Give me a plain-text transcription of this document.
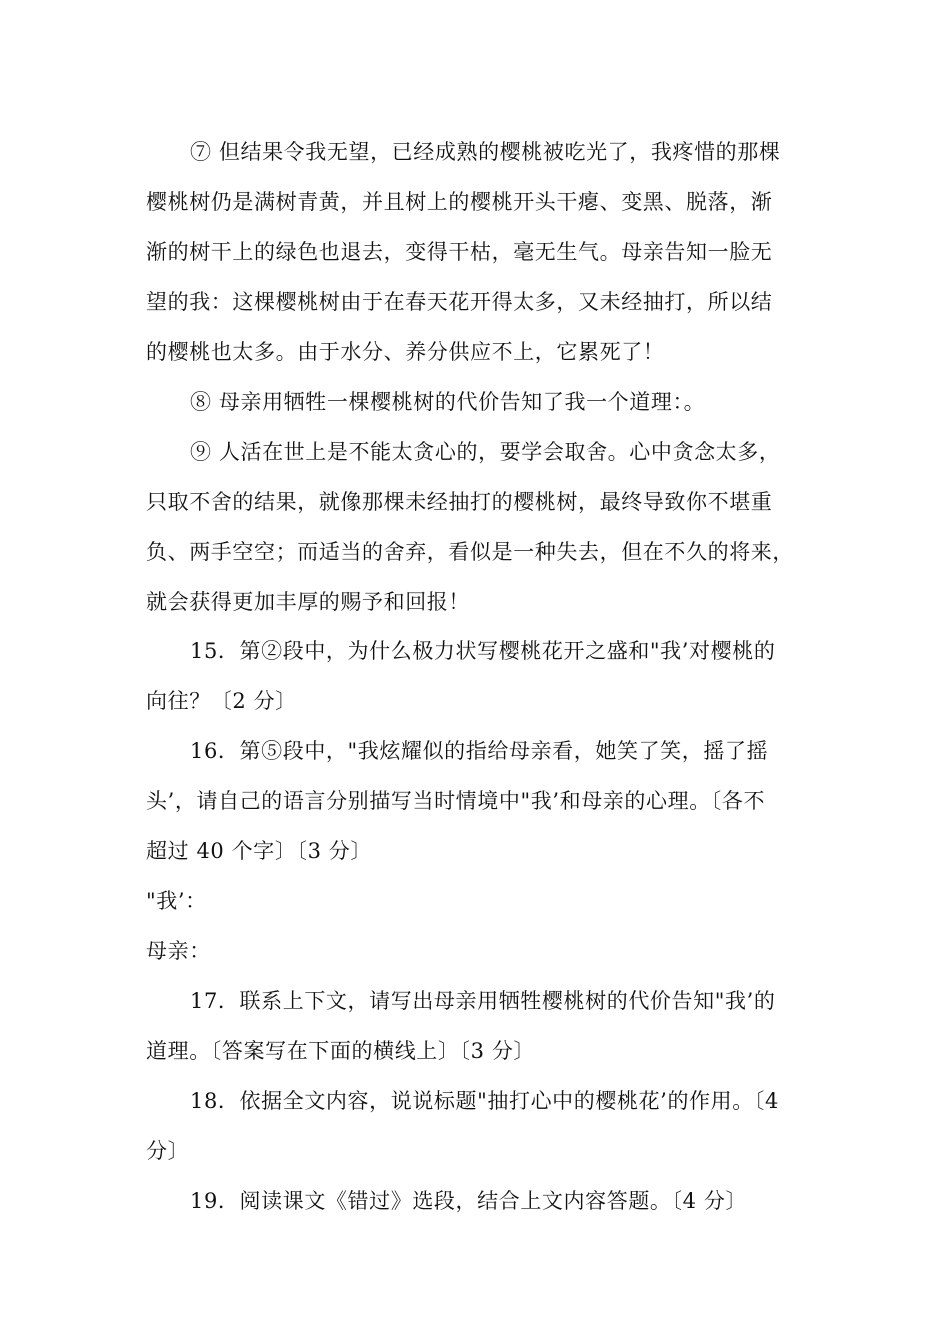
⑦ 但结果令我无望，已经成熟的樱桃被吃光了，我疼惜的那棵
樱桃树仍是满树青黄，并且树上的樱桃开头干瘪、变黑、脱落，渐
渐的树干上的绿色也退去，变得干枯，毫无生气。母亲告知一脸无
望的我：这棵樱桃树由于在春天花开得太多，又未经抽打，所以结
的樱桃也太多。由于水分、养分供应不上，它累死了！
⑧ 母亲用牺牲一棵樱桃树的代价告知了我一个道理：。
⑨ 人活在世上是不能太贪心的，要学会取舍。心中贪念太多，
只取不舍的结果，就像那棵未经抽打的樱桃树，最终导致你不堪重
负、两手空空；而适当的舍弃，看似是一种失去，但在不久的将来，
就会获得更加丰厚的赐予和回报！
15．第②段中，为什么极力状写樱桃花开之盛和"我’对樱桃的
向往？〔2 分〕
16．第⑤段中，"我炫耀似的指给母亲看，她笑了笑，摇了摇
头’，请自己的语言分别描写当时情境中"我’和母亲的心理。〔各不
超过 40 个字〕〔3 分〕
"我’：
母亲：
17．联系上下文，请写出母亲用牺牲樱桃树的代价告知"我’的
道理。〔答案写在下面的横线上〕〔3 分〕
18．依据全文内容，说说标题"抽打心中的樱桃花’的作用。〔4
分〕
19．阅读课文《错过》选段，结合上文内容答题。〔4 分〕
